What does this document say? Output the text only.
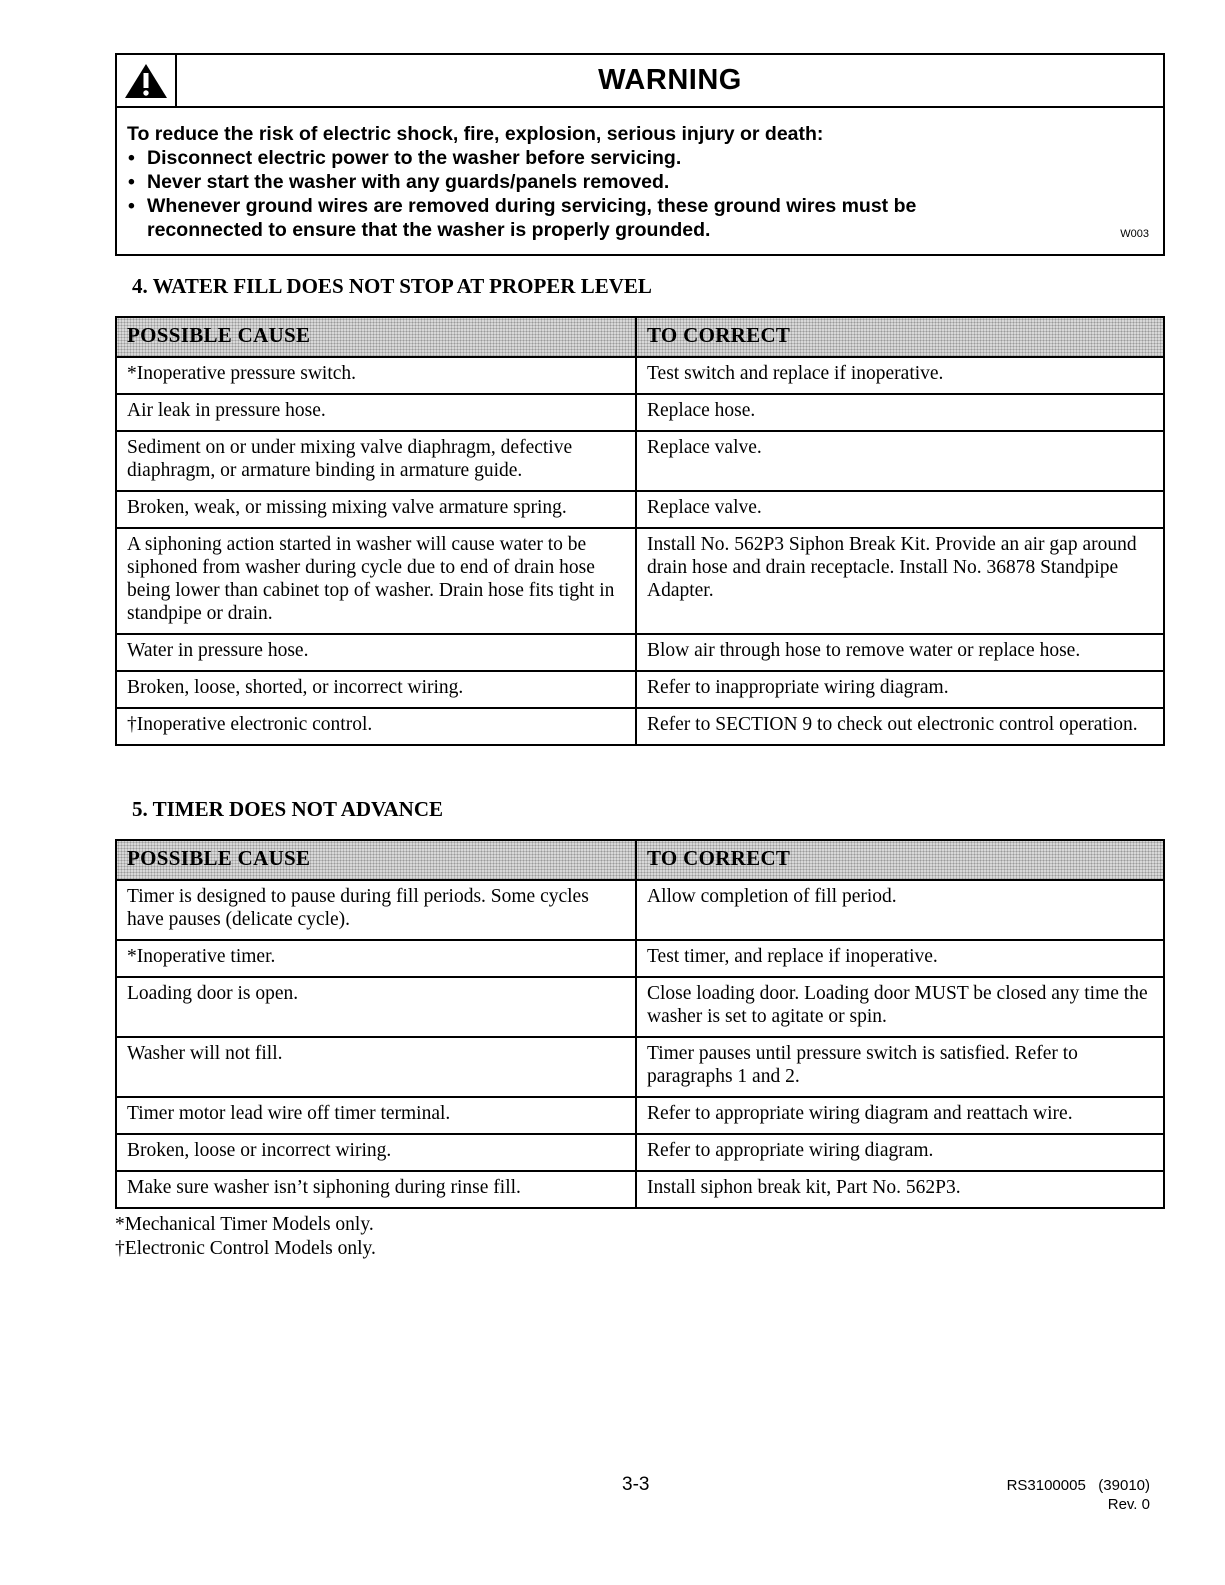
WARNING
To reduce the risk of electric shock, fire, explosion, serious injury or death:
• Disconnect electric power to the washer before servicing.
• Never start the washer with any guards/panels removed.
• Whenever ground wires are removed during servicing, these ground wires must be reconnected to ensure that the washer is properly grounded.	W003
4. WATER FILL DOES NOT STOP AT PROPER LEVEL
POSSIBLE CAUSE	TO CORRECT
*Inoperative pressure switch.	Test switch and replace if inoperative.
Air leak in pressure hose.	Replace hose.
Sediment on or under mixing valve diaphragm, defective diaphragm, or armature binding in armature guide.	Replace valve.
Broken, weak, or missing mixing valve armature spring.	Replace valve.
A siphoning action started in washer will cause water to be siphoned from washer during cycle due to end of drain hose being lower than cabinet top of washer. Drain hose fits tight in standpipe or drain.	Install No. 562P3 Siphon Break Kit. Provide an air gap around drain hose and drain receptacle. Install No. 36878 Standpipe Adapter.
Water in pressure hose.	Blow air through hose to remove water or replace hose.
Broken, loose, shorted, or incorrect wiring.	Refer to inappropriate wiring diagram.
†Inoperative electronic control.	Refer to SECTION 9 to check out electronic control operation.
5. TIMER DOES NOT ADVANCE
POSSIBLE CAUSE	TO CORRECT
Timer is designed to pause during fill periods. Some cycles have pauses (delicate cycle).	Allow completion of fill period.
*Inoperative timer.	Test timer, and replace if inoperative.
Loading door is open.	Close loading door. Loading door MUST be closed any time the washer is set to agitate or spin.
Washer will not fill.	Timer pauses until pressure switch is satisfied. Refer to paragraphs 1 and 2.
Timer motor lead wire off timer terminal.	Refer to appropriate wiring diagram and reattach wire.
Broken, loose or incorrect wiring.	Refer to appropriate wiring diagram.
Make sure washer isn’t siphoning during rinse fill.	Install siphon break kit, Part No. 562P3.
*Mechanical Timer Models only.
†Electronic Control Models only.
3-3	RS3100005   (39010)
Rev. 0
